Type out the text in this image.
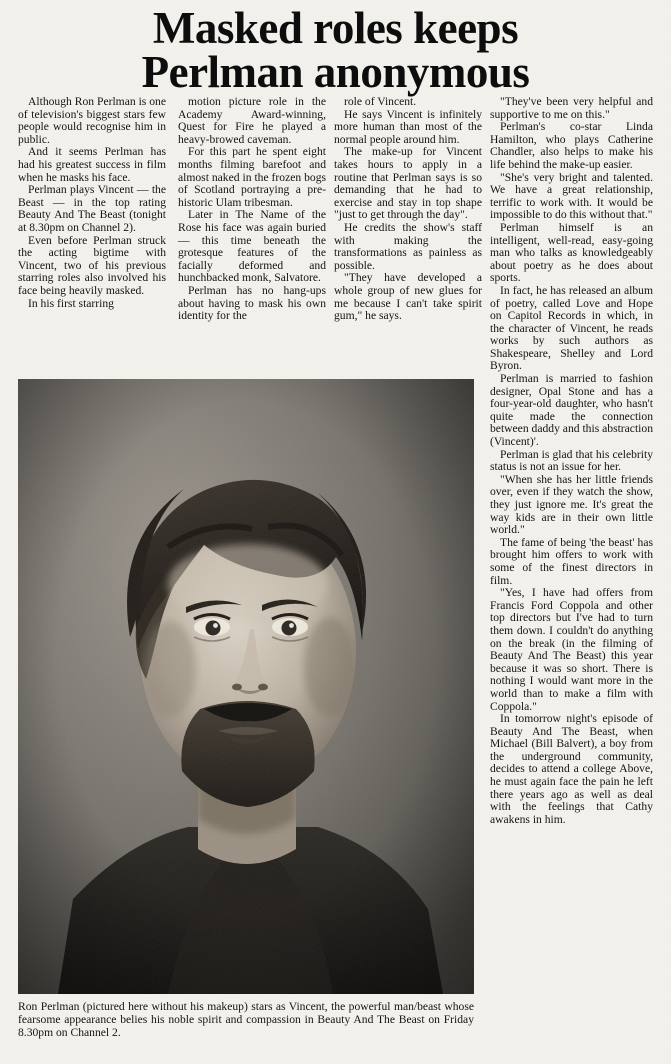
Masked roles keeps
Perlman anonymous

Although Ron Perlman is one of television's biggest stars few people would recognise him in public.

And it seems Perlman has had his greatest success in film when he masks his face.

Perlman plays Vincent — the Beast — in the top rating Beauty And The Beast (tonight at 8.30pm on Channel 2).

Even before Perlman struck the acting bigtime with Vincent, two of his previous starring roles also involved his face being heavily masked.

In his first starring

motion picture role in the Academy Award-winning, Quest for Fire he played a heavy-browed caveman.

For this part he spent eight months filming barefoot and almost naked in the frozen bogs of Scotland portraying a pre-historic Ulam tribesman.

Later in The Name of the Rose his face was again buried — this time beneath the grotesque features of the facially deformed and hunchbacked monk, Salvatore.

Perlman has no hang-ups about having to mask his own identity for the

role of Vincent.

He says Vincent is infinitely more human than most of the normal people around him.

The make-up for Vincent takes hours to apply in a routine that Perlman says is so demanding that he had to exercise and stay in top shape "just to get through the day".

He credits the show's staff with making the transformations as painless as possible.

"They have developed a whole group of new glues for me because I can't take spirit gum," he says.

"They've been very helpful and supportive to me on this."

Perlman's co-star Linda Hamilton, who plays Catherine Chandler, also helps to make his life behind the make-up easier.

"She's very bright and talented. We have a great relationship, terrific to work with. It would be impossible to do this without that."

Perlman himself is an intelligent, well-read, easy-going man who talks as knowledgeably about poetry as he does about sports.

In fact, he has released an album of poetry, called Love and Hope on Capitol Records in which, in the character of Vincent, he reads works by such authors as Shakespeare, Shelley and Lord Byron.

Perlman is married to fashion designer, Opal Stone and has a four-year-old daughter, who hasn't quite made the connection between daddy and this abstraction (Vincent)'.

Perlman is glad that his celebrity status is not an issue for her.

"When she has her little friends over, even if they watch the show, they just ignore me. It's great the way kids are in their own little world."

The fame of being 'the beast' has brought him offers to work with some of the finest directors in film.

"Yes, I have had offers from Francis Ford Coppola and other top directors but I've had to turn them down. I couldn't do anything on the break (in the filming of Beauty And The Beast) this year because it was so short. There is nothing I would want more in the world than to make a film with Coppola."

In tomorrow night's episode of Beauty And The Beast, when Michael (Bill Balvert), a boy from the underground community, decides to attend a college Above, he must again face the pain he left there years ago as well as deal with the feelings that Cathy awakens in him.

Ron Perlman (pictured here without his makeup) stars as Vincent, the powerful man/beast whose fearsome appearance belies his noble spirit and compassion in Beauty And The Beast on Friday 8.30pm on Channel 2.
